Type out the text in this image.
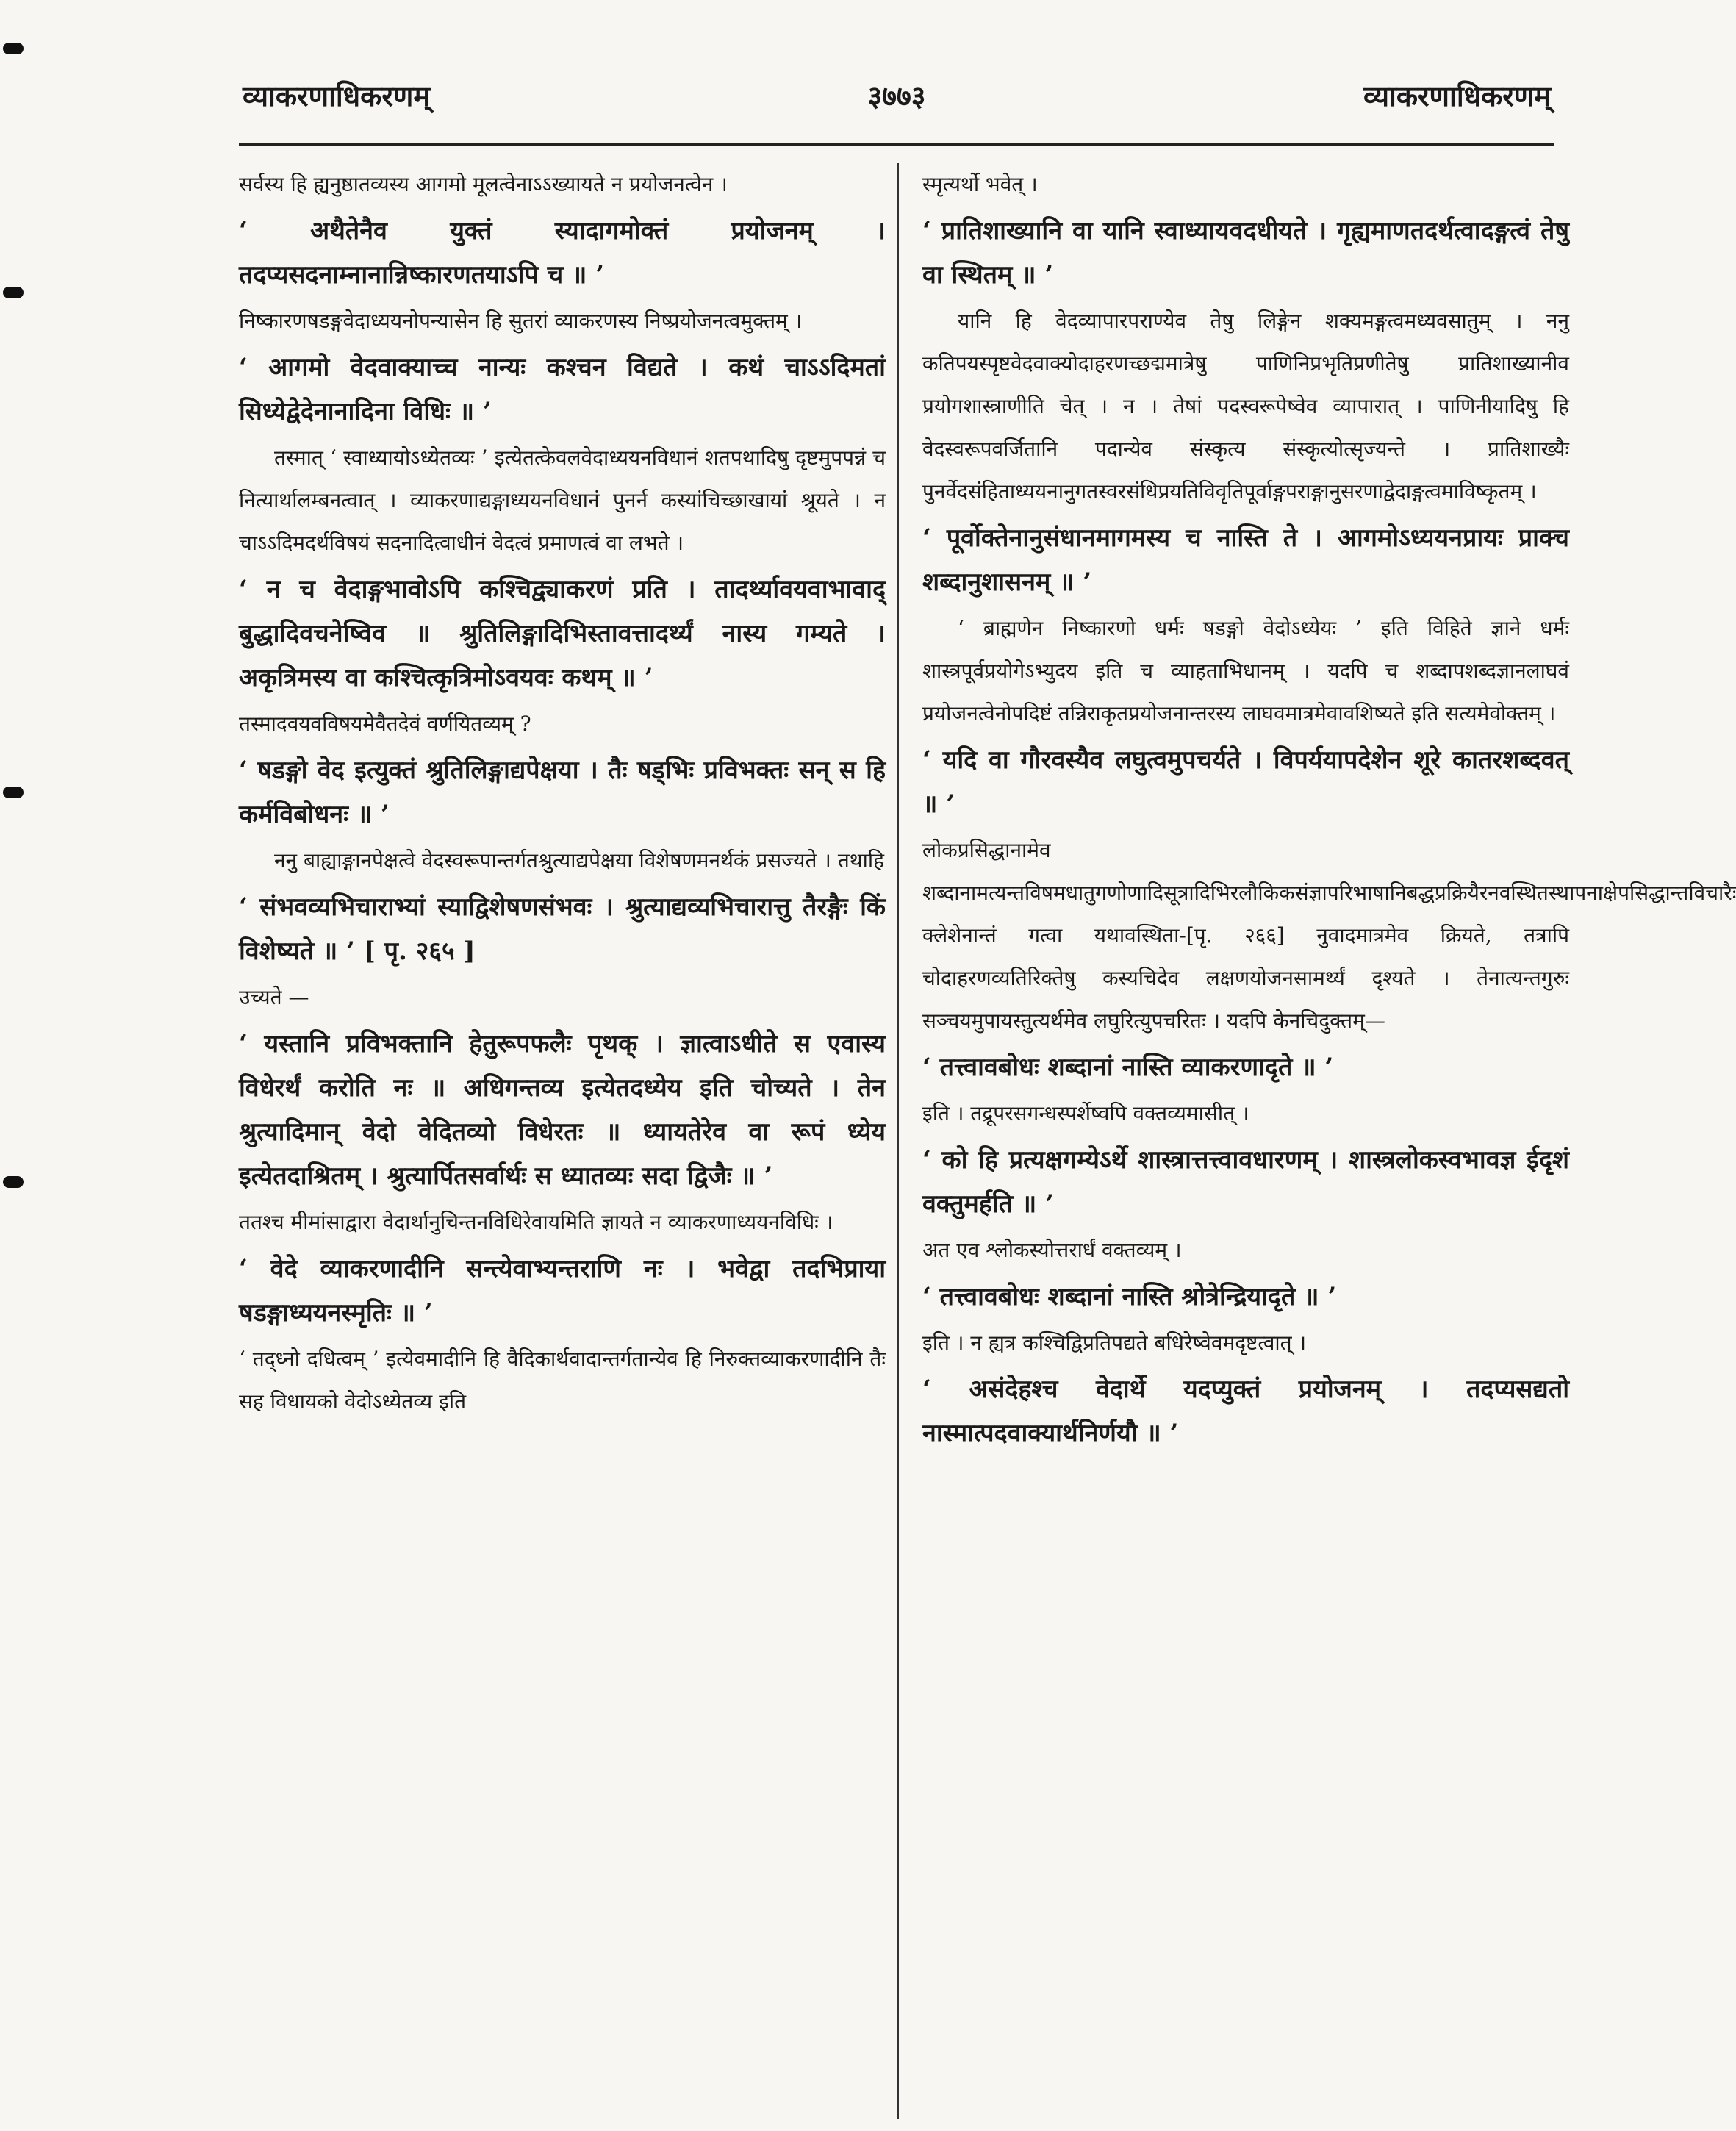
व्याकरणाधिकरणम्	३७७३	व्याकरणाधिकरणम्

सर्वस्य हि ह्यनुष्ठातव्यस्य आगमो मूलत्वेनाऽऽख्यायते न प्रयोजनत्वेन ।

‘ अथैतेनैव युक्तं स्यादागमोक्तं प्रयोजनम् । तदप्यसदनाम्नानान्निष्कारणतयाऽपि च ॥ ’

निष्कारणषडङ्गवेदाध्ययनोपन्यासेन हि सुतरां व्याकरणस्य निष्प्रयोजनत्वमुक्तम् ।

‘ आगमो वेदवाक्याच्च नान्यः कश्चन विद्यते । कथं चाऽऽदिमतां सिध्येद्वेदेनानादिना विधिः ॥ ’

तस्मात् ‘ स्वाध्यायोऽध्येतव्यः ’ इत्येतत्केवलवेदाध्ययनविधानं शतपथादिषु दृष्टमुपपन्नं च नित्यार्थालम्बनत्वात् । व्याकरणाद्यङ्गाध्ययनविधानं पुनर्न कस्यांचिच्छाखायां श्रूयते । न चाऽऽदिमदर्थविषयं सदनादित्वाधीनं वेदत्वं प्रमाणत्वं वा लभते ।

‘ न च वेदाङ्गभावोऽपि कश्चिद्व्याकरणं प्रति । तादर्थ्यावयवाभावाद् बुद्धादिवचनेष्विव ॥ श्रुतिलिङ्गादिभिस्तावत्तादर्थ्यं नास्य गम्यते । अकृत्रिमस्य वा कश्चित्कृत्रिमोऽवयवः कथम् ॥ ’

तस्मादवयवविषयमेवैतदेवं वर्णयितव्यम् ?

‘ षडङ्गो वेद इत्युक्तं श्रुतिलिङ्गाद्यपेक्षया । तैः षड्भिः प्रविभक्तः सन् स हि कर्मविबोधनः ॥ ’

ननु बाह्याङ्गानपेक्षत्वे वेदस्वरूपान्तर्गतश्रुत्याद्यपेक्षया विशेषणमनर्थकं प्रसज्यते । तथाहि

‘ संभवव्यभिचाराभ्यां स्याद्विशेषणसंभवः । श्रुत्याद्यव्यभिचारात्तु तैरङ्गैः किं विशेष्यते ॥ ’ [ पृ. २६५ ]

उच्यते —

‘ यस्तानि प्रविभक्तानि हेतुरूपफलैः पृथक् । ज्ञात्वाऽधीते स एवास्य विधेरर्थं करोति नः ॥ अधिगन्तव्य इत्येतदध्येय इति चोच्यते । तेन श्रुत्यादिमान् वेदो वेदितव्यो विधेरतः ॥ ध्यायतेरेव वा रूपं ध्येय इत्येतदाश्रितम् । श्रुत्यार्पितसर्वार्थः स ध्यातव्यः सदा द्विजैः ॥ ’

ततश्च मीमांसाद्वारा वेदार्थानुचिन्तनविधिरेवायमिति ज्ञायते न व्याकरणाध्ययनविधिः ।

‘ वेदे व्याकरणादीनि सन्त्येवाभ्यन्तराणि नः । भवेद्वा तदभिप्राया षडङ्गाध्ययनस्मृतिः ॥ ’

‘ तद्ध्नो दधित्वम् ’ इत्येवमादीनि हि वैदिकार्थवादान्तर्गतान्येव हि निरुक्तव्याकरणादीनि तैः सह विधायको वेदोऽध्येतव्य इति

स्मृत्यर्थो भवेत् ।

‘ प्रातिशाख्यानि वा यानि स्वाध्यायवदधीयते । गृह्यमाणतदर्थत्वादङ्गत्वं तेषु वा स्थितम् ॥ ’

यानि हि वेदव्यापारपराण्येव तेषु लिङ्गेन शक्यमङ्गत्वमध्यवसातुम् । ननु कतिपयस्पृष्टवेदवाक्योदाहरणच्छद्ममात्रेषु पाणिनिप्रभृतिप्रणीतेषु प्रातिशाख्यानीव प्रयोगशास्त्राणीति चेत् । न । तेषां पदस्वरूपेष्वेव व्यापारात् । पाणिनीयादिषु हि वेदस्वरूपवर्जितानि पदान्येव संस्कृत्य संस्कृत्योत्सृज्यन्ते । प्रातिशाख्यैः पुनर्वेदसंहिताध्ययनानुगतस्वरसंधिप्रयतिविवृतिपूर्वाङ्गपराङ्गानुसरणाद्वेदाङ्गत्वमाविष्कृतम् ।

‘ पूर्वोक्तेनानुसंधानमागमस्य च नास्ति ते । आगमोऽध्ययनप्रायः प्राक्च शब्दानुशासनम् ॥ ’

‘ ब्राह्मणेन निष्कारणो धर्मः षडङ्गो वेदोऽध्येयः ’ इति विहिते ज्ञाने धर्मः शास्त्रपूर्वप्रयोगेऽभ्युदय इति च व्याहताभिधानम् । यदपि च शब्दापशब्दज्ञानलाघवं प्रयोजनत्वेनोपदिष्टं तन्निराकृतप्रयोजनान्तरस्य लाघवमात्रमेवावशिष्यते इति सत्यमेवोक्तम् ।

‘ यदि वा गौरवस्यैव लघुत्वमुपचर्यते । विपर्ययापदेशेन शूरे कातरशब्दवत् ॥ ’

लोकप्रसिद्धानामेव शब्दानामत्यन्तविषमधातुगणोणादिसूत्रादिभिरलौकिकसंज्ञापरिभाषानिबद्धप्रक्रियैरनवस्थितस्थापनाक्षेपसिद्धान्तविचारैः क्लेशेनान्तं गत्वा यथावस्थिता-[पृ. २६६] नुवादमात्रमेव क्रियते, तत्रापि चोदाहरणव्यतिरिक्तेषु कस्यचिदेव लक्षणयोजनसामर्थ्यं दृश्यते । तेनात्यन्तगुरुः सञ्चयमुपायस्तुत्यर्थमेव लघुरित्युपचरितः । यदपि केनचिदुक्तम्—

‘ तत्त्वावबोधः शब्दानां नास्ति व्याकरणादृते ॥ ’

इति । तद्रूपरसगन्धस्पर्शेष्वपि वक्तव्यमासीत् ।

‘ को हि प्रत्यक्षगम्येऽर्थे शास्त्रात्तत्त्वावधारणम् । शास्त्रलोकस्वभावज्ञ ईदृशं वक्तुमर्हति ॥ ’

अत एव श्लोकस्योत्तरार्धं वक्तव्यम् ।

‘ तत्त्वावबोधः शब्दानां नास्ति श्रोत्रेन्द्रियादृते ॥ ’

इति । न ह्यत्र कश्चिद्विप्रतिपद्यते बधिरेष्वेवमदृष्टत्वात् ।

‘ असंदेहश्च वेदार्थे यदप्युक्तं प्रयोजनम् । तदप्यसद्यतो नास्मात्पदवाक्यार्थनिर्णयौ ॥ ’
